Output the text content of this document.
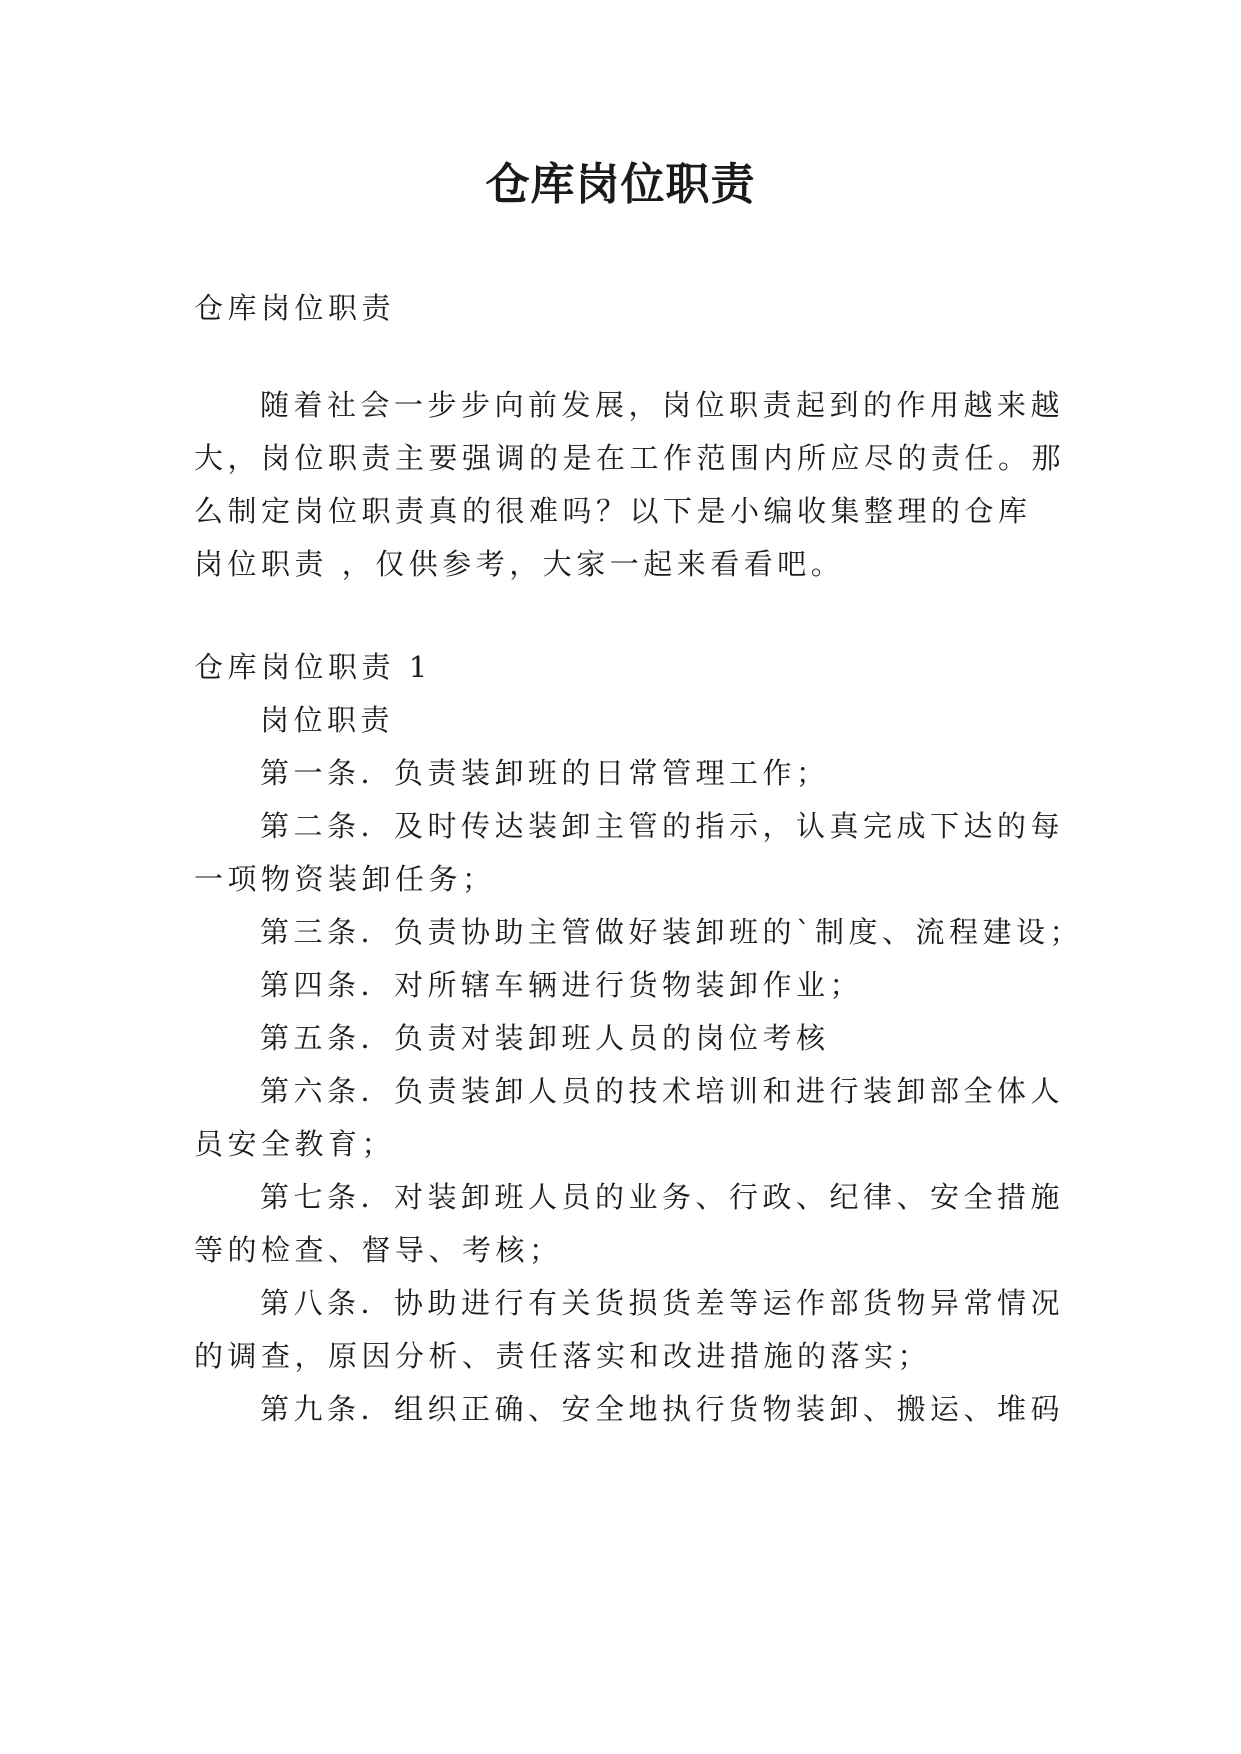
仓库岗位职责
仓库岗位职责
随着社会一步步向前发展，岗位职责起到的作用越来越
大，岗位职责主要强调的是在工作范围内所应尽的责任。那
么制定岗位职责真的很难吗？以下是小编收集整理的仓库
岗位职责 ，仅供参考，大家一起来看看吧。
仓库岗位职责 1
岗位职责
第一条．负责装卸班的日常管理工作；
第二条．及时传达装卸主管的指示，认真完成下达的每
一项物资装卸任务；
第三条．负责协助主管做好装卸班的`制度、流程建设；
第四条．对所辖车辆进行货物装卸作业；
第五条．负责对装卸班人员的岗位考核
第六条．负责装卸人员的技术培训和进行装卸部全体人
员安全教育；
第七条．对装卸班人员的业务、行政、纪律、安全措施
等的检查、督导、考核；
第八条．协助进行有关货损货差等运作部货物异常情况
的调查，原因分析、责任落实和改进措施的落实；
第九条．组织正确、安全地执行货物装卸、搬运、堆码
